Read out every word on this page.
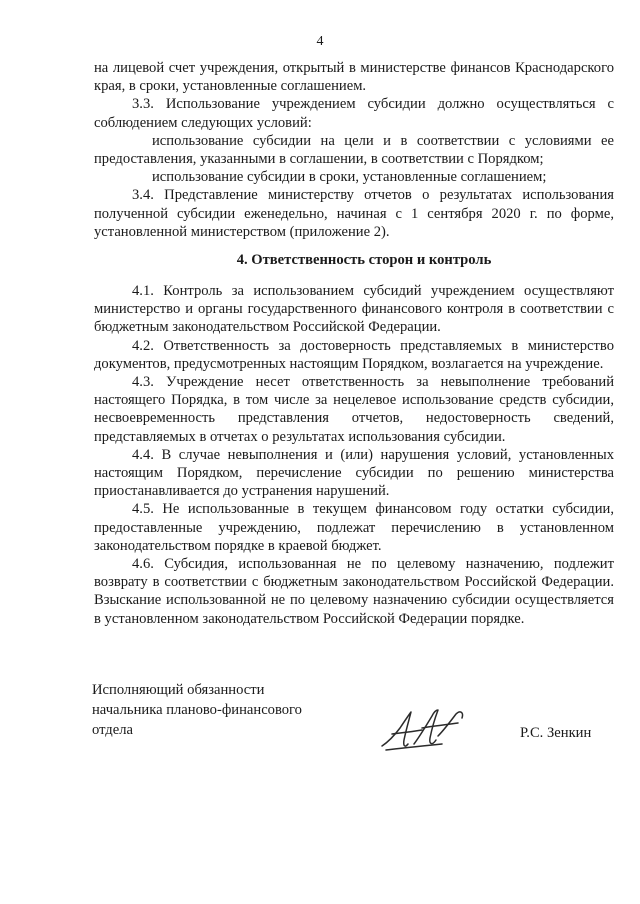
4

на лицевой счет учреждения, открытый в министерстве финансов Краснодарского края, в сроки, установленные соглашением.

3.3. Использование учреждением субсидии должно осуществляться с соблюдением следующих условий:

использование субсидии на цели и в соответствии с условиями ее предоставления, указанными в соглашении, в соответствии с Порядком;

использование субсидии в сроки, установленные соглашением;

3.4. Представление министерству отчетов о результатах использования полученной субсидии еженедельно, начиная с 1 сентября 2020 г. по форме, установленной министерством (приложение 2).

4. Ответственность сторон и контроль

4.1. Контроль за использованием субсидий учреждением осуществляют министерство и органы государственного финансового контроля в соответствии с бюджетным законодательством Российской Федерации.

4.2. Ответственность за достоверность представляемых в министерство документов, предусмотренных настоящим Порядком, возлагается на учреждение.

4.3. Учреждение несет ответственность за невыполнение требований настоящего Порядка, в том числе за нецелевое использование средств субсидии, несвоевременность представления отчетов, недостоверность сведений, представляемых в отчетах о результатах использования субсидии.

4.4. В случае невыполнения и (или) нарушения условий, установленных настоящим Порядком, перечисление субсидии по решению министерства приостанавливается до устранения нарушений.

4.5. Не использованные в текущем финансовом году остатки субсидии, предоставленные учреждению, подлежат перечислению в установленном законодательством порядке в краевой бюджет.

4.6. Субсидия, использованная не по целевому назначению, подлежит возврату в соответствии с бюджетным законодательством Российской Федерации. Взыскание использованной не по целевому назначению субсидии осуществляется в установленном законодательством Российской Федерации порядке.

Исполняющий обязанности
начальника планово-финансового
отдела	Р.С. Зенкин
